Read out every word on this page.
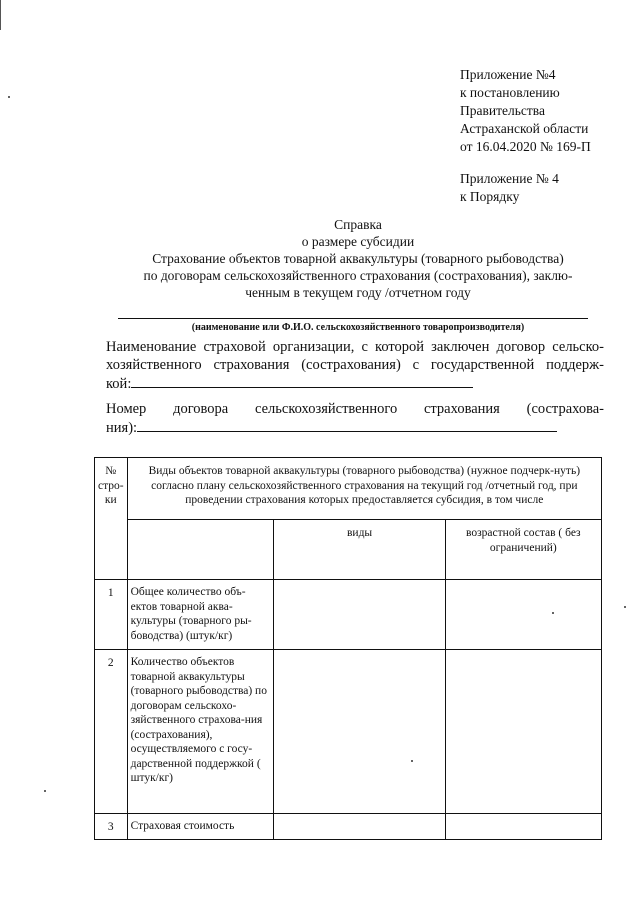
Приложение №4
к постановлению
Правительства
Астраханской области
от 16.04.2020 № 169-П
Приложение № 4
к Порядку
Справка
о размере субсидии
Страхование объектов товарной аквакультуры (товарного рыбоводства)
по договорам сельскохозяйственного страхования (сострахования), заклю-
ченным в текущем году /отчетном году
(наименование или Ф.И.О. сельскохозяйственного товаропроизводителя)
Наименование страховой организации, с которой заключен договор сельско-
хозяйственного страхования (сострахования) с государственной поддерж-
кой:
Номер договора сельскохозяйственного страхования (сострахова-
ния):
№ стро-ки	Виды объектов товарной аквакультуры (товарного рыбоводства) (нужное подчерк-нуть) согласно плану сельскохозяйственного страхования на текущий год /отчетный год, при проведении страхования которых предоставляется субсидия, в том числе		
		виды	возрастной состав ( без ограничений)
1	Общее количество объ-ектов товарной аква-культуры (товарного ры-боводства) (штук/кг)		
2	Количество объектов товарной аквакультуры (товарного рыбоводства) по договорам сельскохо-зяйственного страхова-ния (сострахования), осуществляемого с госу-дарственной поддержкой ( штук/кг)		
3	Страховая стоимость		
